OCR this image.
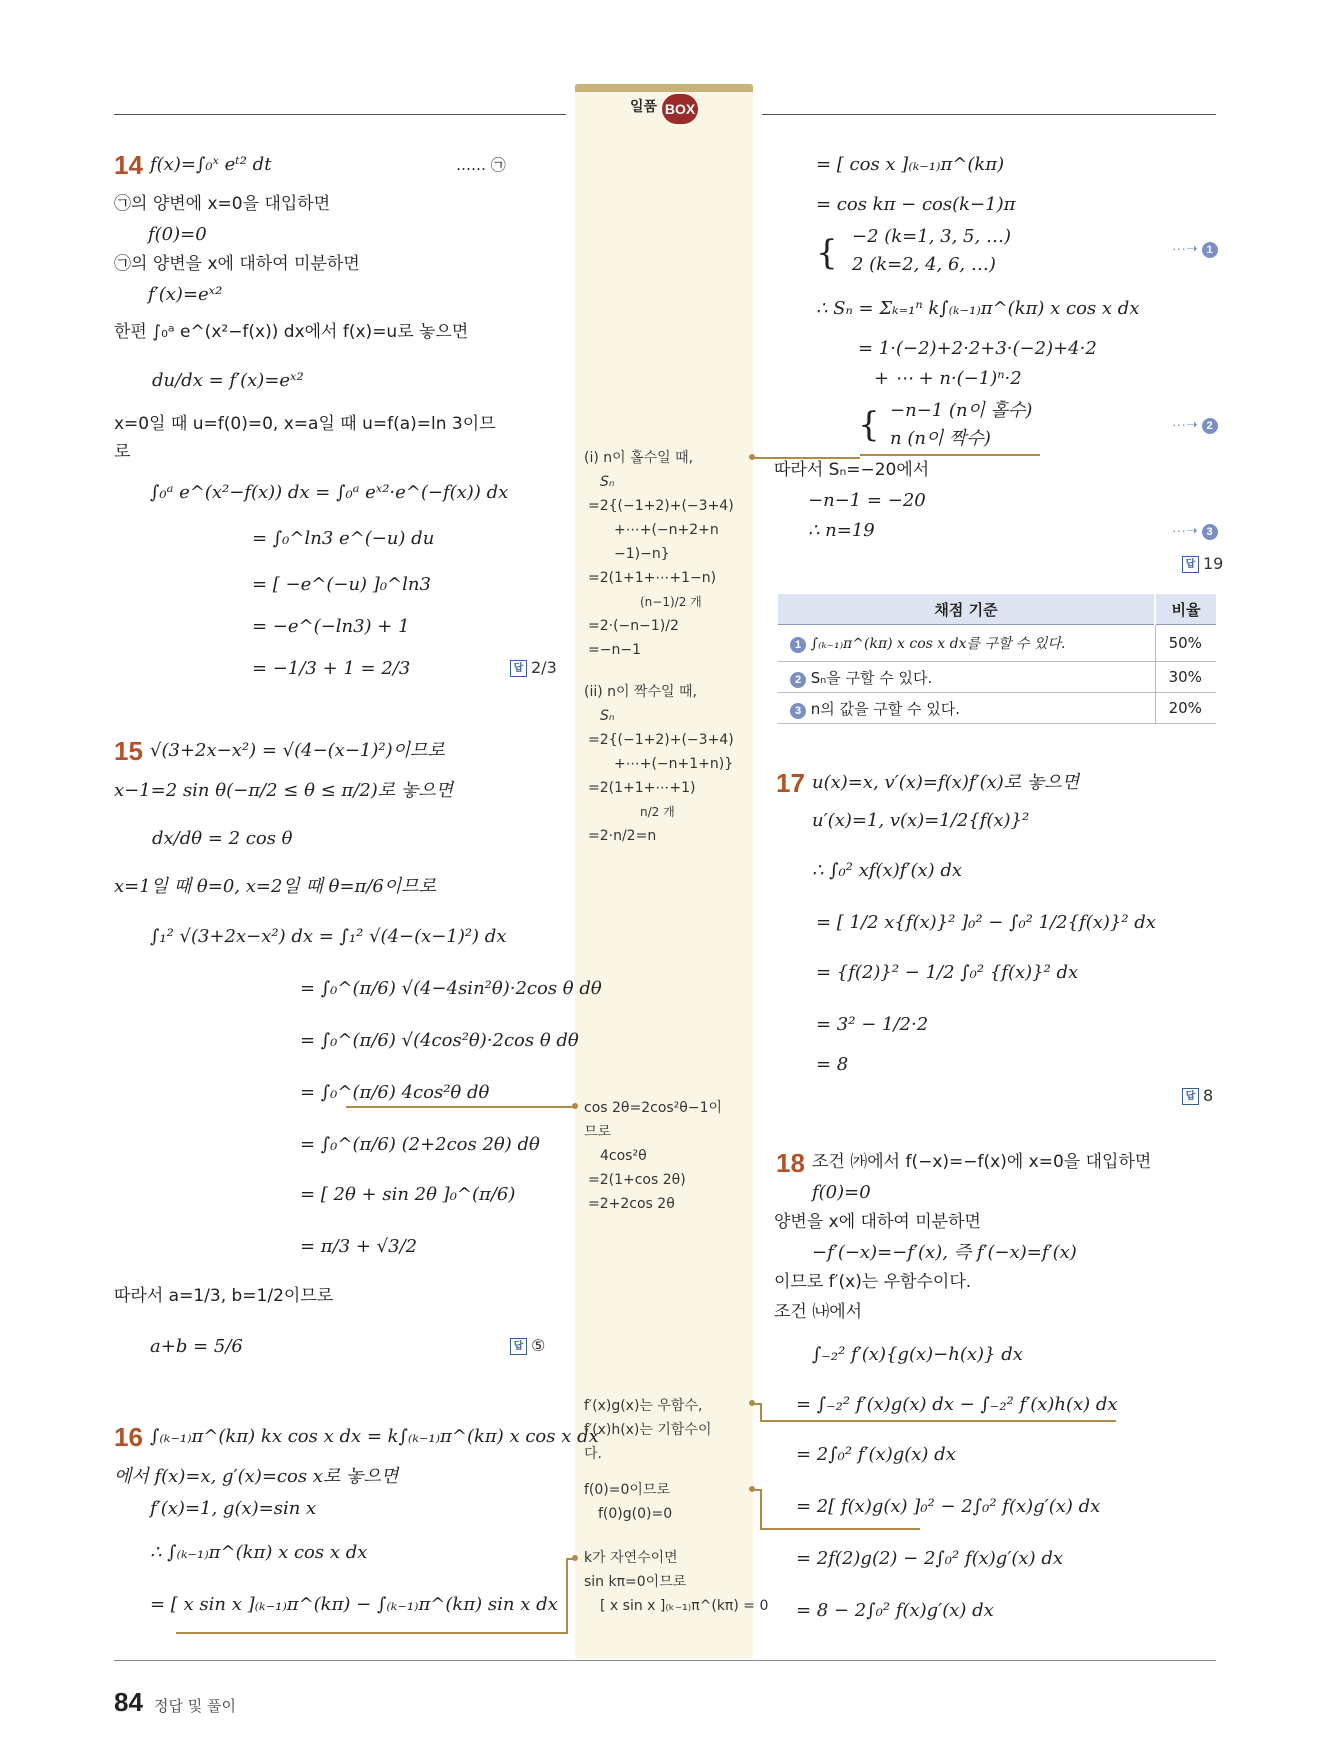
일품 BOX
14 f(x)=∫₀ˣ eᵗ² dt	…… ㉠
㉠의 양변에 x=0을 대입하면
f(0)=0
㉠의 양변을 x에 대하여 미분하면
f′(x)=eˣ²
한편 ∫₀ᵃ e^(x²−f(x)) dx에서 f(x)=u로 놓으면
du/dx = f′(x)=eˣ²
x=0일 때 u=f(0)=0, x=a일 때 u=f(a)=ln 3이므
로
∫₀ᵃ e^(x²−f(x)) dx = ∫₀ᵃ eˣ²·e^(−f(x)) dx
= ∫₀^ln3 e^(−u) du
= [ −e^(−u) ]₀^ln3
= −e^(−ln3) + 1
= −1/3 + 1 = 2/3	답 2/3
15 √(3+2x−x²) = √(4−(x−1)²)이므로
x−1=2 sin θ(−π/2 ≤ θ ≤ π/2)로 놓으면
dx/dθ = 2 cos θ
x=1일 때 θ=0, x=2일 때 θ=π/6이므로
∫₁² √(3+2x−x²) dx = ∫₁² √(4−(x−1)²) dx
= ∫₀^(π/6) √(4−4sin²θ)·2cos θ dθ
= ∫₀^(π/6) √(4cos²θ)·2cos θ dθ
= ∫₀^(π/6) 4cos²θ dθ
= ∫₀^(π/6) (2+2cos 2θ) dθ
= [ 2θ + sin 2θ ]₀^(π/6)
= π/3 + √3/2
따라서 a=1/3, b=1/2이므로
a+b = 5/6	답 ⑤
16 ∫₍ₖ₋₁₎π^(kπ) kx cos x dx = k∫₍ₖ₋₁₎π^(kπ) x cos x dx
에서 f(x)=x, g′(x)=cos x로 놓으면
f′(x)=1, g(x)=sin x
∴ ∫₍ₖ₋₁₎π^(kπ) x cos x dx
= [ x sin x ]₍ₖ₋₁₎π^(kπ) − ∫₍ₖ₋₁₎π^(kπ) sin x dx
= [ cos x ]₍ₖ₋₁₎π^(kπ)
= cos kπ − cos(k−1)π
{ −2 (k=1, 3, 5, …)
2 (k=2, 4, 6, …)
···➝ 1
∴ Sₙ = Σₖ₌₁ⁿ k∫₍ₖ₋₁₎π^(kπ) x cos x dx
= 1·(−2)+2·2+3·(−2)+4·2
+ ⋯ + n·(−1)ⁿ·2
{ −n−1 (n이 홀수)
n (n이 짝수)
···➝ 2
따라서 Sₙ=−20에서
−n−1 = −20
∴ n=19	···➝ 3
답 19
채점 기준	비율
1 ∫₍ₖ₋₁₎π^(kπ) x cos x dx를 구할 수 있다.	50%
2 Sₙ을 구할 수 있다.	30%
3 n의 값을 구할 수 있다.	20%
17 u(x)=x, v′(x)=f(x)f′(x)로 놓으면
u′(x)=1, v(x)=1/2{f(x)}²
∴ ∫₀² xf(x)f′(x) dx
= [ 1/2 x{f(x)}² ]₀² − ∫₀² 1/2{f(x)}² dx
= {f(2)}² − 1/2 ∫₀² {f(x)}² dx
= 3² − 1/2·2
= 8
답 8
18 조건 ㈎에서 f(−x)=−f(x)에 x=0을 대입하면
f(0)=0
양변을 x에 대하여 미분하면
−f′(−x)=−f′(x), 즉 f′(−x)=f′(x)
이므로 f′(x)는 우함수이다.
조건 ㈏에서
∫₋₂² f′(x){g(x)−h(x)} dx
= ∫₋₂² f′(x)g(x) dx − ∫₋₂² f′(x)h(x) dx
= 2∫₀² f′(x)g(x) dx
= 2[ f(x)g(x) ]₀² − 2∫₀² f(x)g′(x) dx
= 2f(2)g(2) − 2∫₀² f(x)g′(x) dx
= 8 − 2∫₀² f(x)g′(x) dx
(i) n이 홀수일 때,
Sₙ
=2{(−1+2)+(−3+4)
+⋯+(−n+2+n
−1)−n}
=2(1+1+⋯+1−n)
(n−1)/2 개
=2·(−n−1)/2
=−n−1
(ii) n이 짝수일 때,
Sₙ
=2{(−1+2)+(−3+4)
+⋯+(−n+1+n)}
=2(1+1+⋯+1)
n/2 개
=2·n/2=n
cos 2θ=2cos²θ−1이
므로
4cos²θ
=2(1+cos 2θ)
=2+2cos 2θ
f′(x)g(x)는 우함수,
f′(x)h(x)는 기함수이
다.
f(0)=0이므로
f(0)g(0)=0
k가 자연수이면
sin kπ=0이므로
[ x sin x ]₍ₖ₋₁₎π^(kπ) = 0
84 정답 및 풀이
